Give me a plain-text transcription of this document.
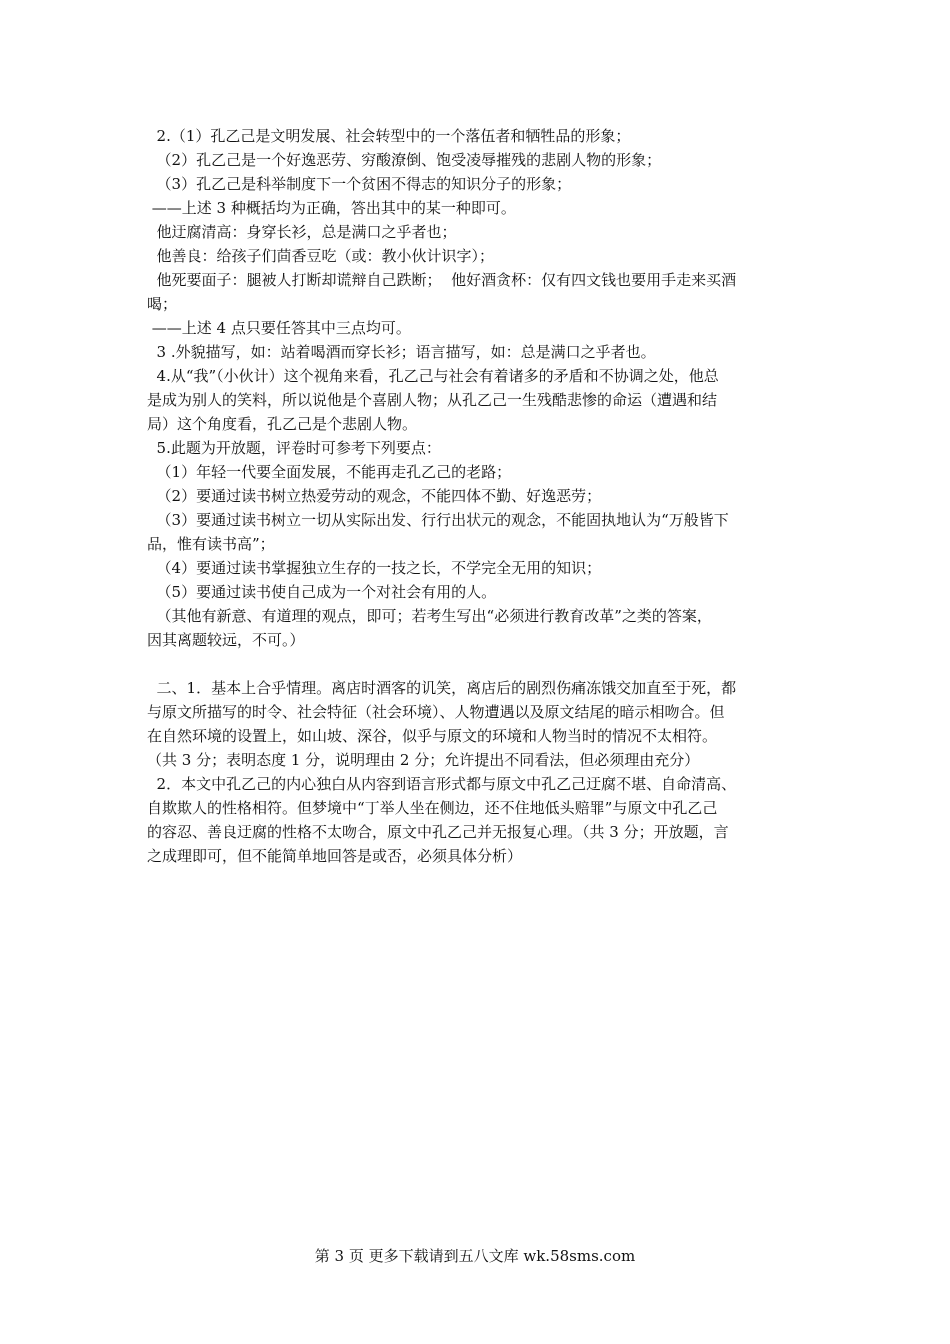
2.（1）孔乙己是文明发展、社会转型中的一个落伍者和牺牲品的形象；
（2）孔乙己是一个好逸恶劳、穷酸潦倒、饱受凌辱摧残的悲剧人物的形象；
（3）孔乙己是科举制度下一个贫困不得志的知识分子的形象；
——上述 3 种概括均为正确，答出其中的某一种即可。
他迂腐清高：身穿长衫，总是满口之乎者也；
他善良：给孩子们茴香豆吃（或：教小伙计识字）；
他死要面子：腿被人打断却谎辩自己跌断；  他好酒贪杯：仅有四文钱也要用手走来买酒
喝；
——上述 4 点只要任答其中三点均可。
3 .外貌描写，如：站着喝酒而穿长衫；语言描写，如：总是满口之乎者也。
4.从“我”（小伙计）这个视角来看，孔乙己与社会有着诸多的矛盾和不协调之处，他总
是成为别人的笑料，所以说他是个喜剧人物；从孔乙己一生残酷悲惨的命运（遭遇和结
局）这个角度看，孔乙己是个悲剧人物。
5.此题为开放题，评卷时可参考下列要点：
（1）年轻一代要全面发展，不能再走孔乙己的老路；
（2）要通过读书树立热爱劳动的观念，不能四体不勤、好逸恶劳；
（3）要通过读书树立一切从实际出发、行行出状元的观念，不能固执地认为“万般皆下
品，惟有读书高”；
（4）要通过读书掌握独立生存的一技之长，不学完全无用的知识；
（5）要通过读书使自己成为一个对社会有用的人。
（其他有新意、有道理的观点，即可；若考生写出“必须进行教育改革”之类的答案，
因其离题较远，不可。）
二、1．基本上合乎情理。离店时酒客的讥笑，离店后的剧烈伤痛冻饿交加直至于死，都
与原文所描写的时令、社会特征（社会环境）、人物遭遇以及原文结尾的暗示相吻合。但
在自然环境的设置上，如山坡、深谷，似乎与原文的环境和人物当时的情况不太相符。
（共 3 分；表明态度 1 分，说明理由 2 分；允许提出不同看法，但必须理由充分）
2．本文中孔乙己的内心独白从内容到语言形式都与原文中孔乙己迂腐不堪、自命清高、
自欺欺人的性格相符。但梦境中“丁举人坐在侧边，还不住地低头赔罪”与原文中孔乙己
的容忍、善良迂腐的性格不太吻合，原文中孔乙己并无报复心理。（共 3 分；开放题，言
之成理即可，但不能简单地回答是或否，必须具体分析）
第 3 页 更多下载请到五八文库 wk.58sms.com
